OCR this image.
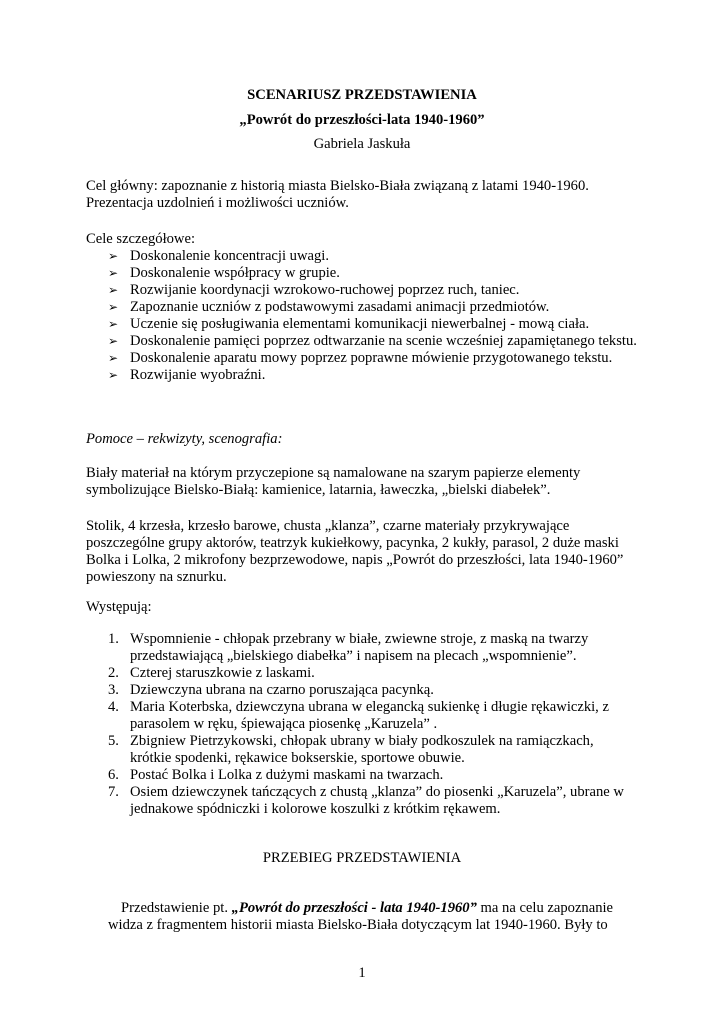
SCENARIUSZ PRZEDSTAWIENIA
„Powrót do przeszłości-lata 1940-1960”
Gabriela Jaskuła
Cel główny: zapoznanie z historią miasta Bielsko-Biała związaną z latami 1940-1960.
Prezentacja uzdolnień i możliwości uczniów.
Cele szczegółowe:
➢ Doskonalenie koncentracji uwagi.
➢ Doskonalenie współpracy w grupie.
➢ Rozwijanie koordynacji wzrokowo-ruchowej poprzez ruch, taniec.
➢ Zapoznanie uczniów z podstawowymi zasadami animacji przedmiotów.
➢ Uczenie się posługiwania elementami komunikacji niewerbalnej - mową ciała.
➢ Doskonalenie pamięci poprzez odtwarzanie na scenie wcześniej zapamiętanego tekstu.
➢ Doskonalenie aparatu mowy poprzez poprawne mówienie przygotowanego tekstu.
➢ Rozwijanie wyobraźni.
Pomoce – rekwizyty, scenografia:
Biały materiał na którym przyczepione są namalowane na szarym papierze elementy
symbolizujące Bielsko-Białą: kamienice, latarnia, ławeczka, „bielski diabełek”.
Stolik, 4 krzesła, krzesło barowe, chusta „klanza”, czarne materiały przykrywające
poszczególne grupy aktorów, teatrzyk kukiełkowy, pacynka, 2 kukły, parasol, 2 duże maski
Bolka i Lolka, 2 mikrofony bezprzewodowe, napis „Powrót do przeszłości, lata 1940-1960”
powieszony na sznurku.
Występują:
1. Wspomnienie - chłopak przebrany w białe, zwiewne stroje, z maską na twarzy
przedstawiającą „bielskiego diabełka” i napisem na plecach „wspomnienie”.
2. Czterej staruszkowie z laskami.
3. Dziewczyna ubrana na czarno poruszająca pacynką.
4. Maria Koterbska, dziewczyna ubrana w elegancką sukienkę i długie rękawiczki, z
parasolem w ręku, śpiewająca piosenkę „Karuzela” .
5. Zbigniew Pietrzykowski, chłopak ubrany w biały podkoszulek na ramiączkach,
krótkie spodenki, rękawice bokserskie, sportowe obuwie.
6. Postać Bolka i Lolka z dużymi maskami na twarzach.
7. Osiem dziewczynek tańczących z chustą „klanza” do piosenki „Karuzela”, ubrane w
jednakowe spódniczki i kolorowe koszulki z krótkim rękawem.
PRZEBIEG PRZEDSTAWIENIA
Przedstawienie pt. „Powrót do przeszłości - lata 1940-1960” ma na celu zapoznanie
widza z fragmentem historii miasta Bielsko-Biała dotyczącym lat 1940-1960. Były to
1
